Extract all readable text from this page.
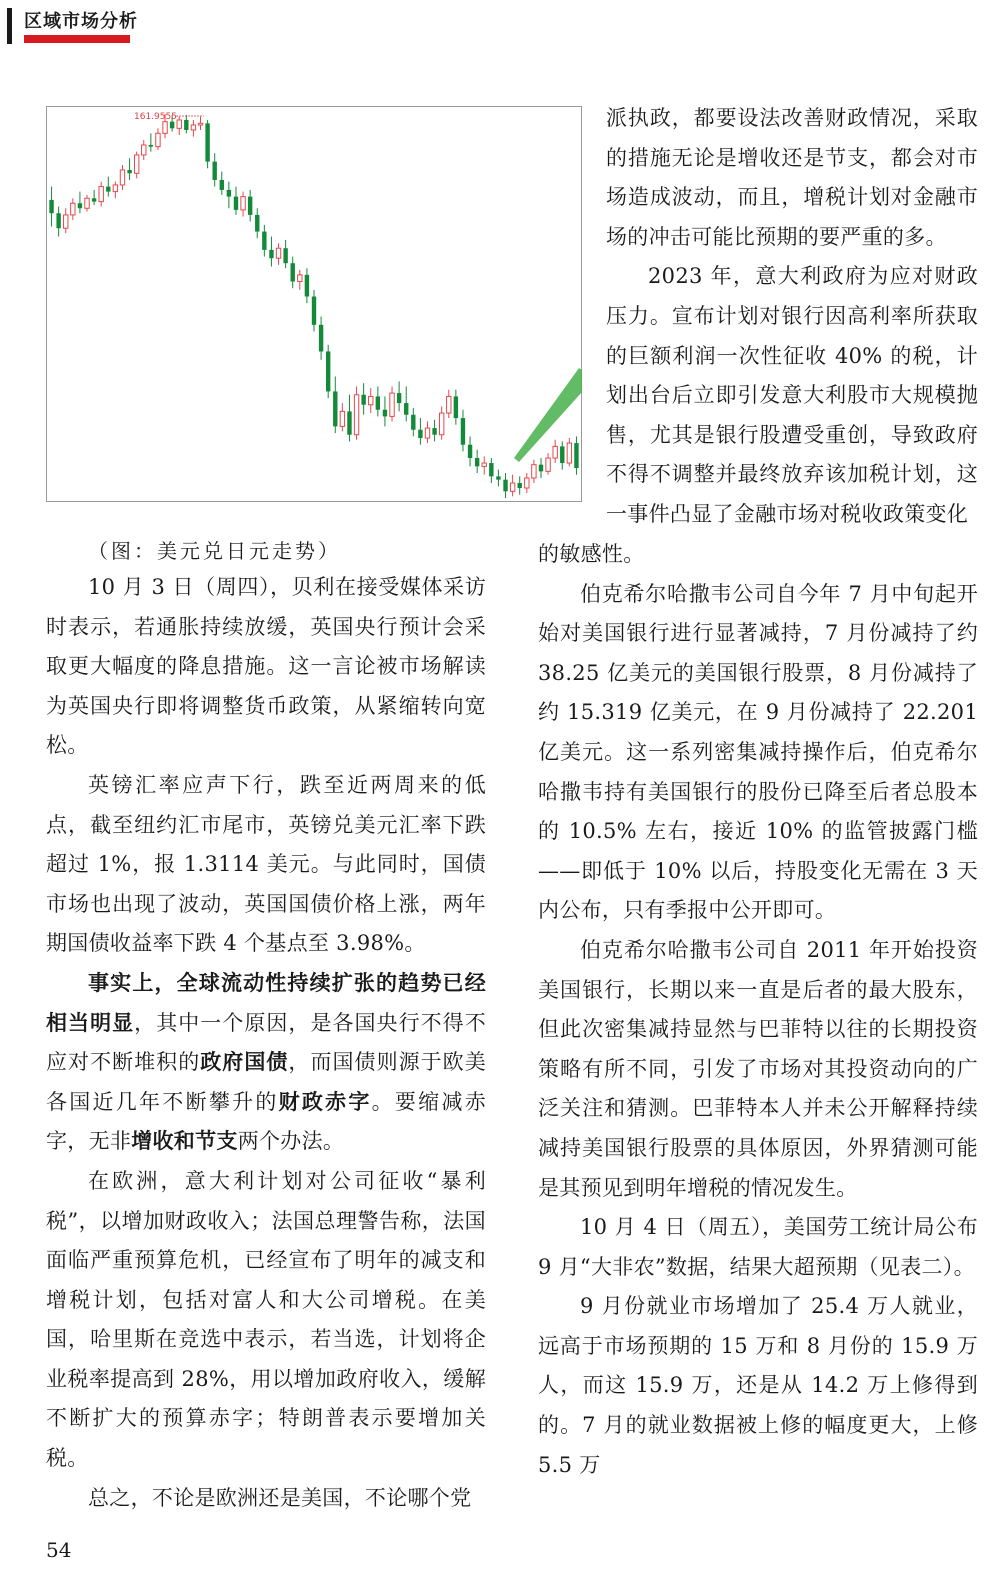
区域市场分析
161.9555
（图：美元兑日元走势）

10 月 3 日（周四），贝利在接受媒体采访时表示，若通胀持续放缓，英国央行预计会采取更大幅度的降息措施。这一言论被市场解读为英国央行即将调整货币政策，从紧缩转向宽松。

英镑汇率应声下行，跌至近两周来的低点，截至纽约汇市尾市，英镑兑美元汇率下跌超过 1%，报 1.3114 美元。与此同时，国债市场也出现了波动，英国国债价格上涨，两年期国债收益率下跌 4 个基点至 3.98%。

事实上，全球流动性持续扩张的趋势已经相当明显，其中一个原因，是各国央行不得不应对不断堆积的政府国债，而国债则源于欧美各国近几年不断攀升的财政赤字。要缩减赤字，无非增收和节支两个办法。

在欧洲，意大利计划对公司征收“暴利税”，以增加财政收入；法国总理警告称，法国面临严重预算危机，已经宣布了明年的减支和增税计划，包括对富人和大公司增税。在美国，哈里斯在竞选中表示，若当选，计划将企业税率提高到 28%，用以增加政府收入，缓解不断扩大的预算赤字；特朗普表示要增加关税。

总之，不论是欧洲还是美国，不论哪个党

派执政，都要设法改善财政情况，采取的措施无论是增收还是节支，都会对市场造成波动，而且，增税计划对金融市场的冲击可能比预期的要严重的多。

2023 年，意大利政府为应对财政压力。宣布计划对银行因高利率所获取的巨额利润一次性征收 40% 的税，计划出台后立即引发意大利股市大规模抛售，尤其是银行股遭受重创，导致政府不得不调整并最终放弃该加税计划，这一事件凸显了金融市场对税收政策变化

的敏感性。

伯克希尔哈撒韦公司自今年 7 月中旬起开始对美国银行进行显著减持，7 月份减持了约 38.25 亿美元的美国银行股票，8 月份减持了约 15.319 亿美元，在 9 月份减持了 22.201 亿美元。这一系列密集减持操作后，伯克希尔哈撒韦持有美国银行的股份已降至后者总股本的 10.5% 左右，接近 10% 的监管披露门槛——即低于 10% 以后，持股变化无需在 3 天内公布，只有季报中公开即可。

伯克希尔哈撒韦公司自 2011 年开始投资美国银行，长期以来一直是后者的最大股东，但此次密集减持显然与巴菲特以往的长期投资策略有所不同，引发了市场对其投资动向的广泛关注和猜测。巴菲特本人并未公开解释持续减持美国银行股票的具体原因，外界猜测可能是其预见到明年增税的情况发生。

10 月 4 日（周五），美国劳工统计局公布 9 月“大非农”数据，结果大超预期（见表二）。

9 月份就业市场增加了 25.4 万人就业，远高于市场预期的 15 万和 8 月份的 15.9 万人，而这 15.9 万，还是从 14.2 万上修得到的。7 月的就业数据被上修的幅度更大，上修 5.5 万

54
